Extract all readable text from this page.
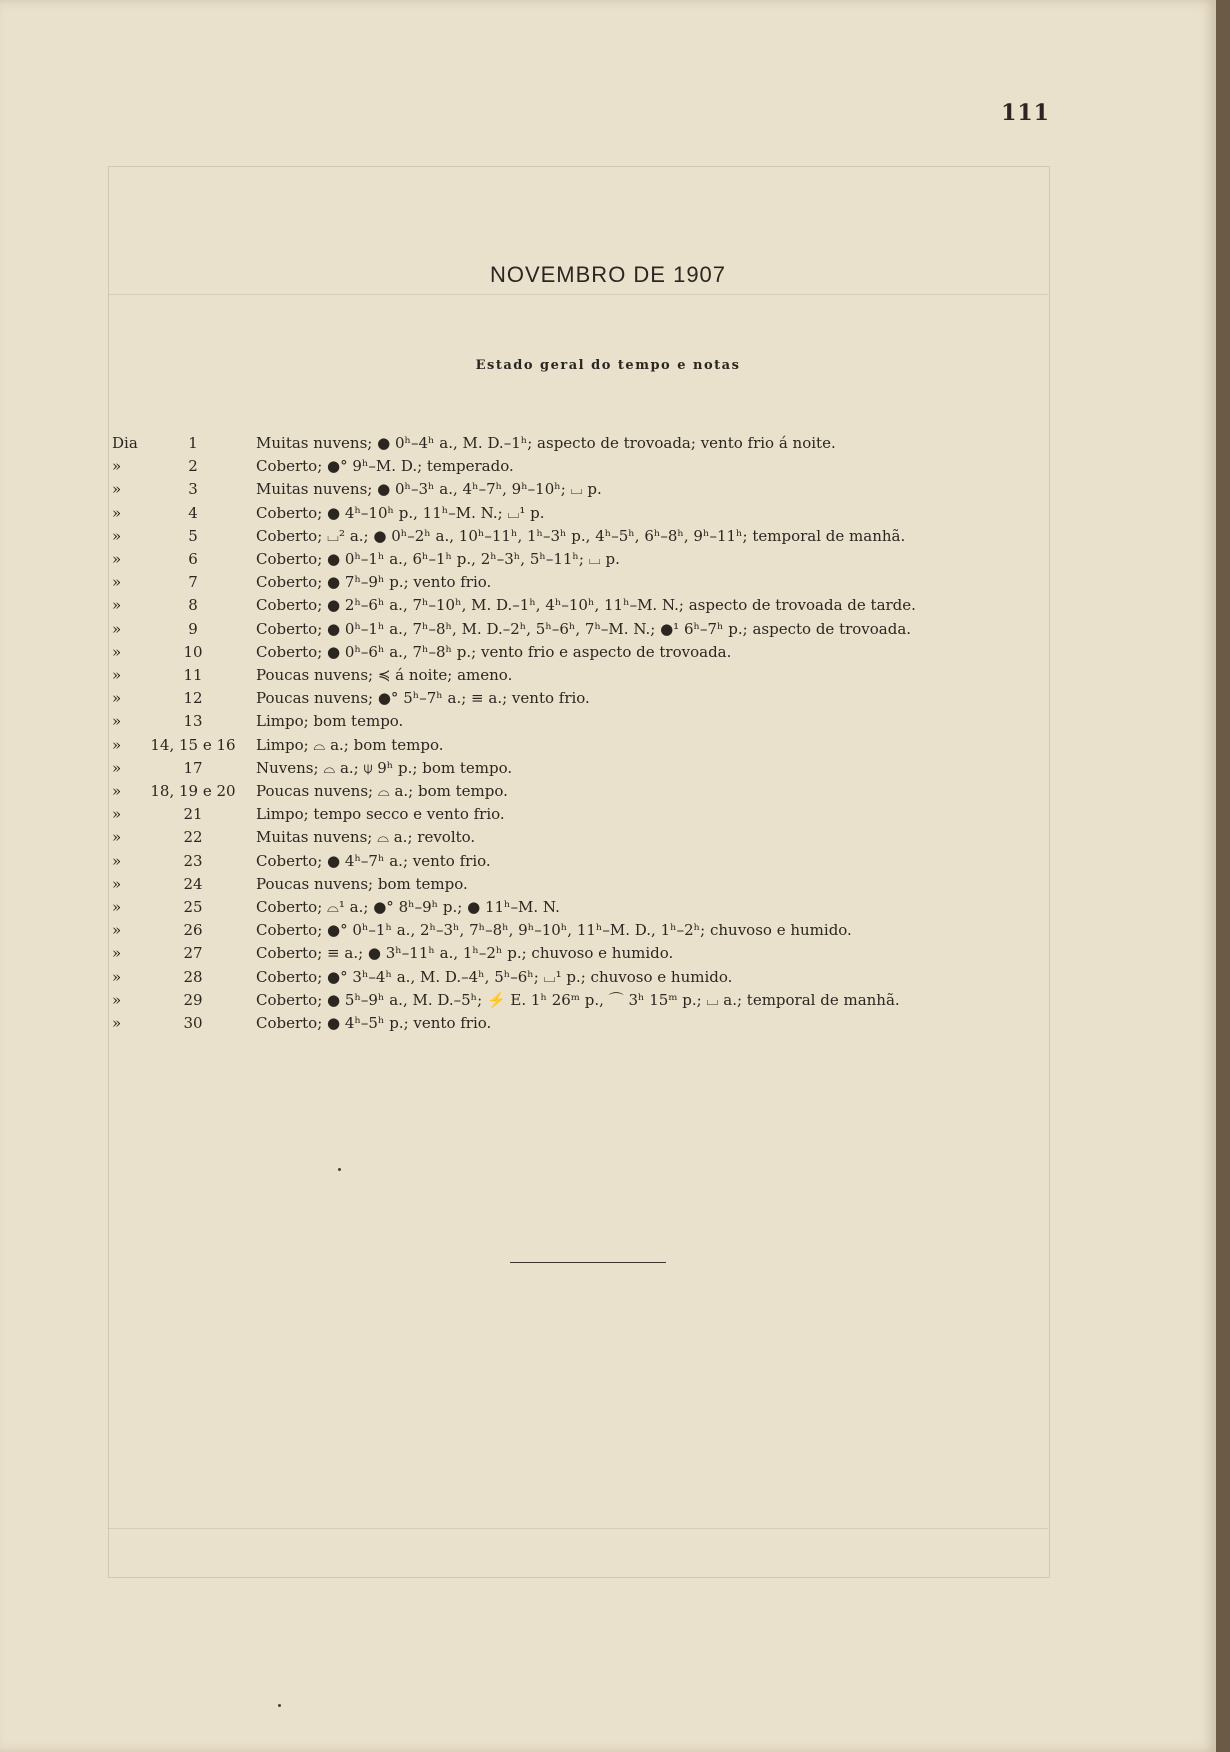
111
NOVEMBRO DE 1907
Estado geral do tempo e notas
Dia	1	Muitas nuvens; ● 0ʰ–4ʰ a., M. D.–1ʰ; aspecto de trovoada; vento frio á noite.
»	2	Coberto; ●° 9ʰ–M. D.; temperado.
»	3	Muitas nuvens; ● 0ʰ–3ʰ a., 4ʰ–7ʰ, 9ʰ–10ʰ; ⌴ p.
»	4	Coberto; ● 4ʰ–10ʰ p., 11ʰ–M. N.; ⌴¹ p.
»	5	Coberto; ⌴² a.; ● 0ʰ–2ʰ a., 10ʰ–11ʰ, 1ʰ–3ʰ p., 4ʰ–5ʰ, 6ʰ–8ʰ, 9ʰ–11ʰ; temporal de manhã.
»	6	Coberto; ● 0ʰ–1ʰ a., 6ʰ–1ʰ p., 2ʰ–3ʰ, 5ʰ–11ʰ; ⌴ p.
»	7	Coberto; ● 7ʰ–9ʰ p.; vento frio.
»	8	Coberto; ● 2ʰ–6ʰ a., 7ʰ–10ʰ, M. D.–1ʰ, 4ʰ–10ʰ, 11ʰ–M. N.; aspecto de trovoada de tarde.
»	9	Coberto; ● 0ʰ–1ʰ a., 7ʰ–8ʰ, M. D.–2ʰ, 5ʰ–6ʰ, 7ʰ–M. N.; ●¹ 6ʰ–7ʰ p.; aspecto de trovoada.
»	10	Coberto; ● 0ʰ–6ʰ a., 7ʰ–8ʰ p.; vento frio e aspecto de trovoada.
»	11	Poucas nuvens; ≼ á noite; ameno.
»	12	Poucas nuvens; ●° 5ʰ–7ʰ a.; ≡ a.; vento frio.
»	13	Limpo; bom tempo.
»	14, 15 e 16	Limpo; ⌓ a.; bom tempo.
»	17	Nuvens; ⌓ a.; ⍦ 9ʰ p.; bom tempo.
»	18, 19 e 20	Poucas nuvens; ⌓ a.; bom tempo.
»	21	Limpo; tempo secco e vento frio.
»	22	Muitas nuvens; ⌓ a.; revolto.
»	23	Coberto; ● 4ʰ–7ʰ a.; vento frio.
»	24	Poucas nuvens; bom tempo.
»	25	Coberto; ⌓¹ a.; ●° 8ʰ–9ʰ p.; ● 11ʰ–M. N.
»	26	Coberto; ●° 0ʰ–1ʰ a., 2ʰ–3ʰ, 7ʰ–8ʰ, 9ʰ–10ʰ, 11ʰ–M. D., 1ʰ–2ʰ; chuvoso e humido.
»	27	Coberto; ≡ a.; ● 3ʰ–11ʰ a., 1ʰ–2ʰ p.; chuvoso e humido.
»	28	Coberto; ●° 3ʰ–4ʰ a., M. D.–4ʰ, 5ʰ–6ʰ; ⌴¹ p.; chuvoso e humido.
»	29	Coberto; ● 5ʰ–9ʰ a., M. D.–5ʰ; ⚡ E. 1ʰ 26ᵐ p., ⌒ 3ʰ 15ᵐ p.; ⌴ a.; temporal de manhã.
»	30	Coberto; ● 4ʰ–5ʰ p.; vento frio.
